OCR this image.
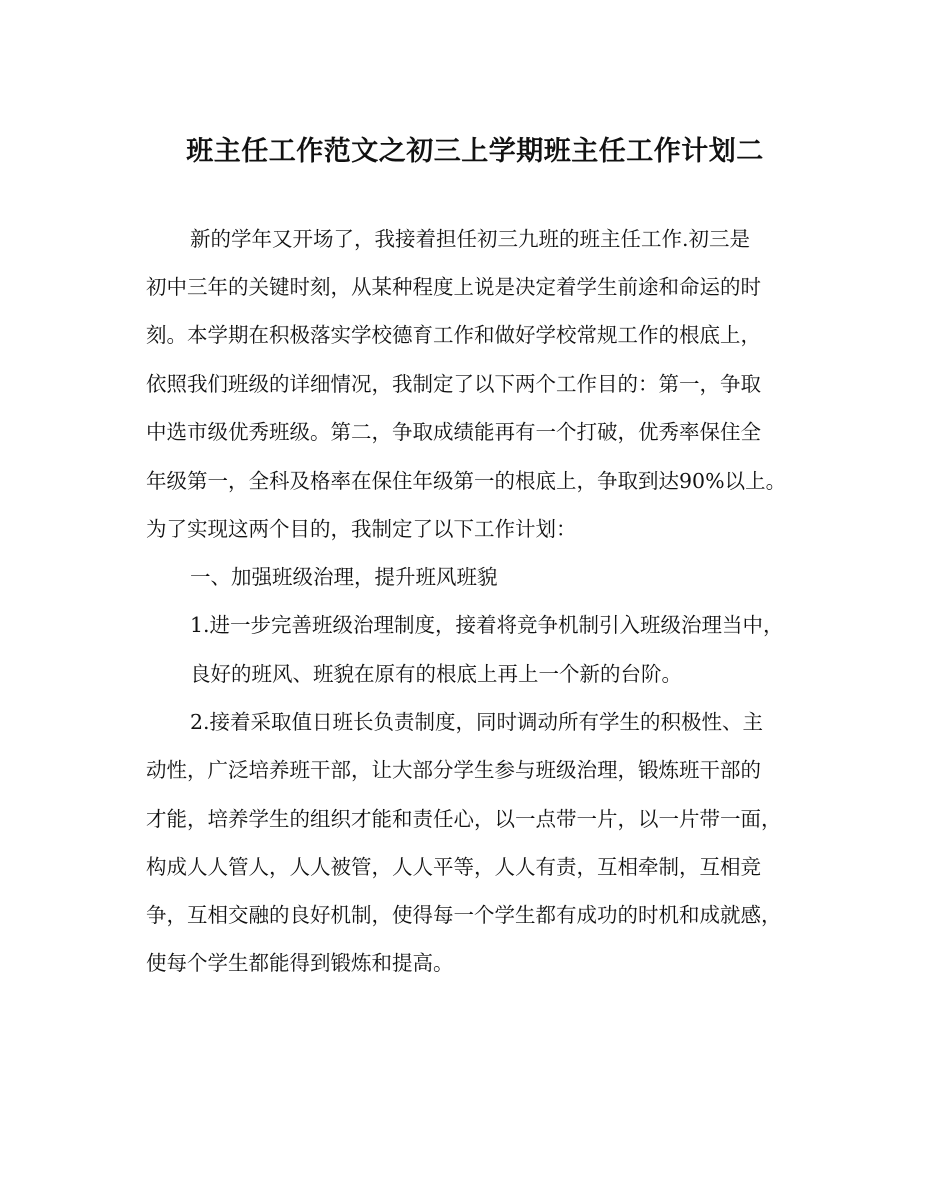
班主任工作范文之初三上学期班主任工作计划二

新的学年又开场了，我接着担任初三九班的班主任工作.初三是

初中三年的关键时刻，从某种程度上说是决定着学生前途和命运的时

刻。本学期在积极落实学校德育工作和做好学校常规工作的根底上，

依照我们班级的详细情况，我制定了以下两个工作目的：第一，争取

中选市级优秀班级。第二，争取成绩能再有一个打破，优秀率保住全

年级第一，全科及格率在保住年级第一的根底上，争取到达90%以上。

为了实现这两个目的，我制定了以下工作计划：

一、加强班级治理，提升班风班貌

1.进一步完善班级治理制度，接着将竞争机制引入班级治理当中，

良好的班风、班貌在原有的根底上再上一个新的台阶。

2.接着采取值日班长负责制度，同时调动所有学生的积极性、主

动性，广泛培养班干部，让大部分学生参与班级治理，锻炼班干部的

才能，培养学生的组织才能和责任心，以一点带一片，以一片带一面，

构成人人管人，人人被管，人人平等，人人有责，互相牵制，互相竞

争，互相交融的良好机制，使得每一个学生都有成功的时机和成就感，

使每个学生都能得到锻炼和提高。
